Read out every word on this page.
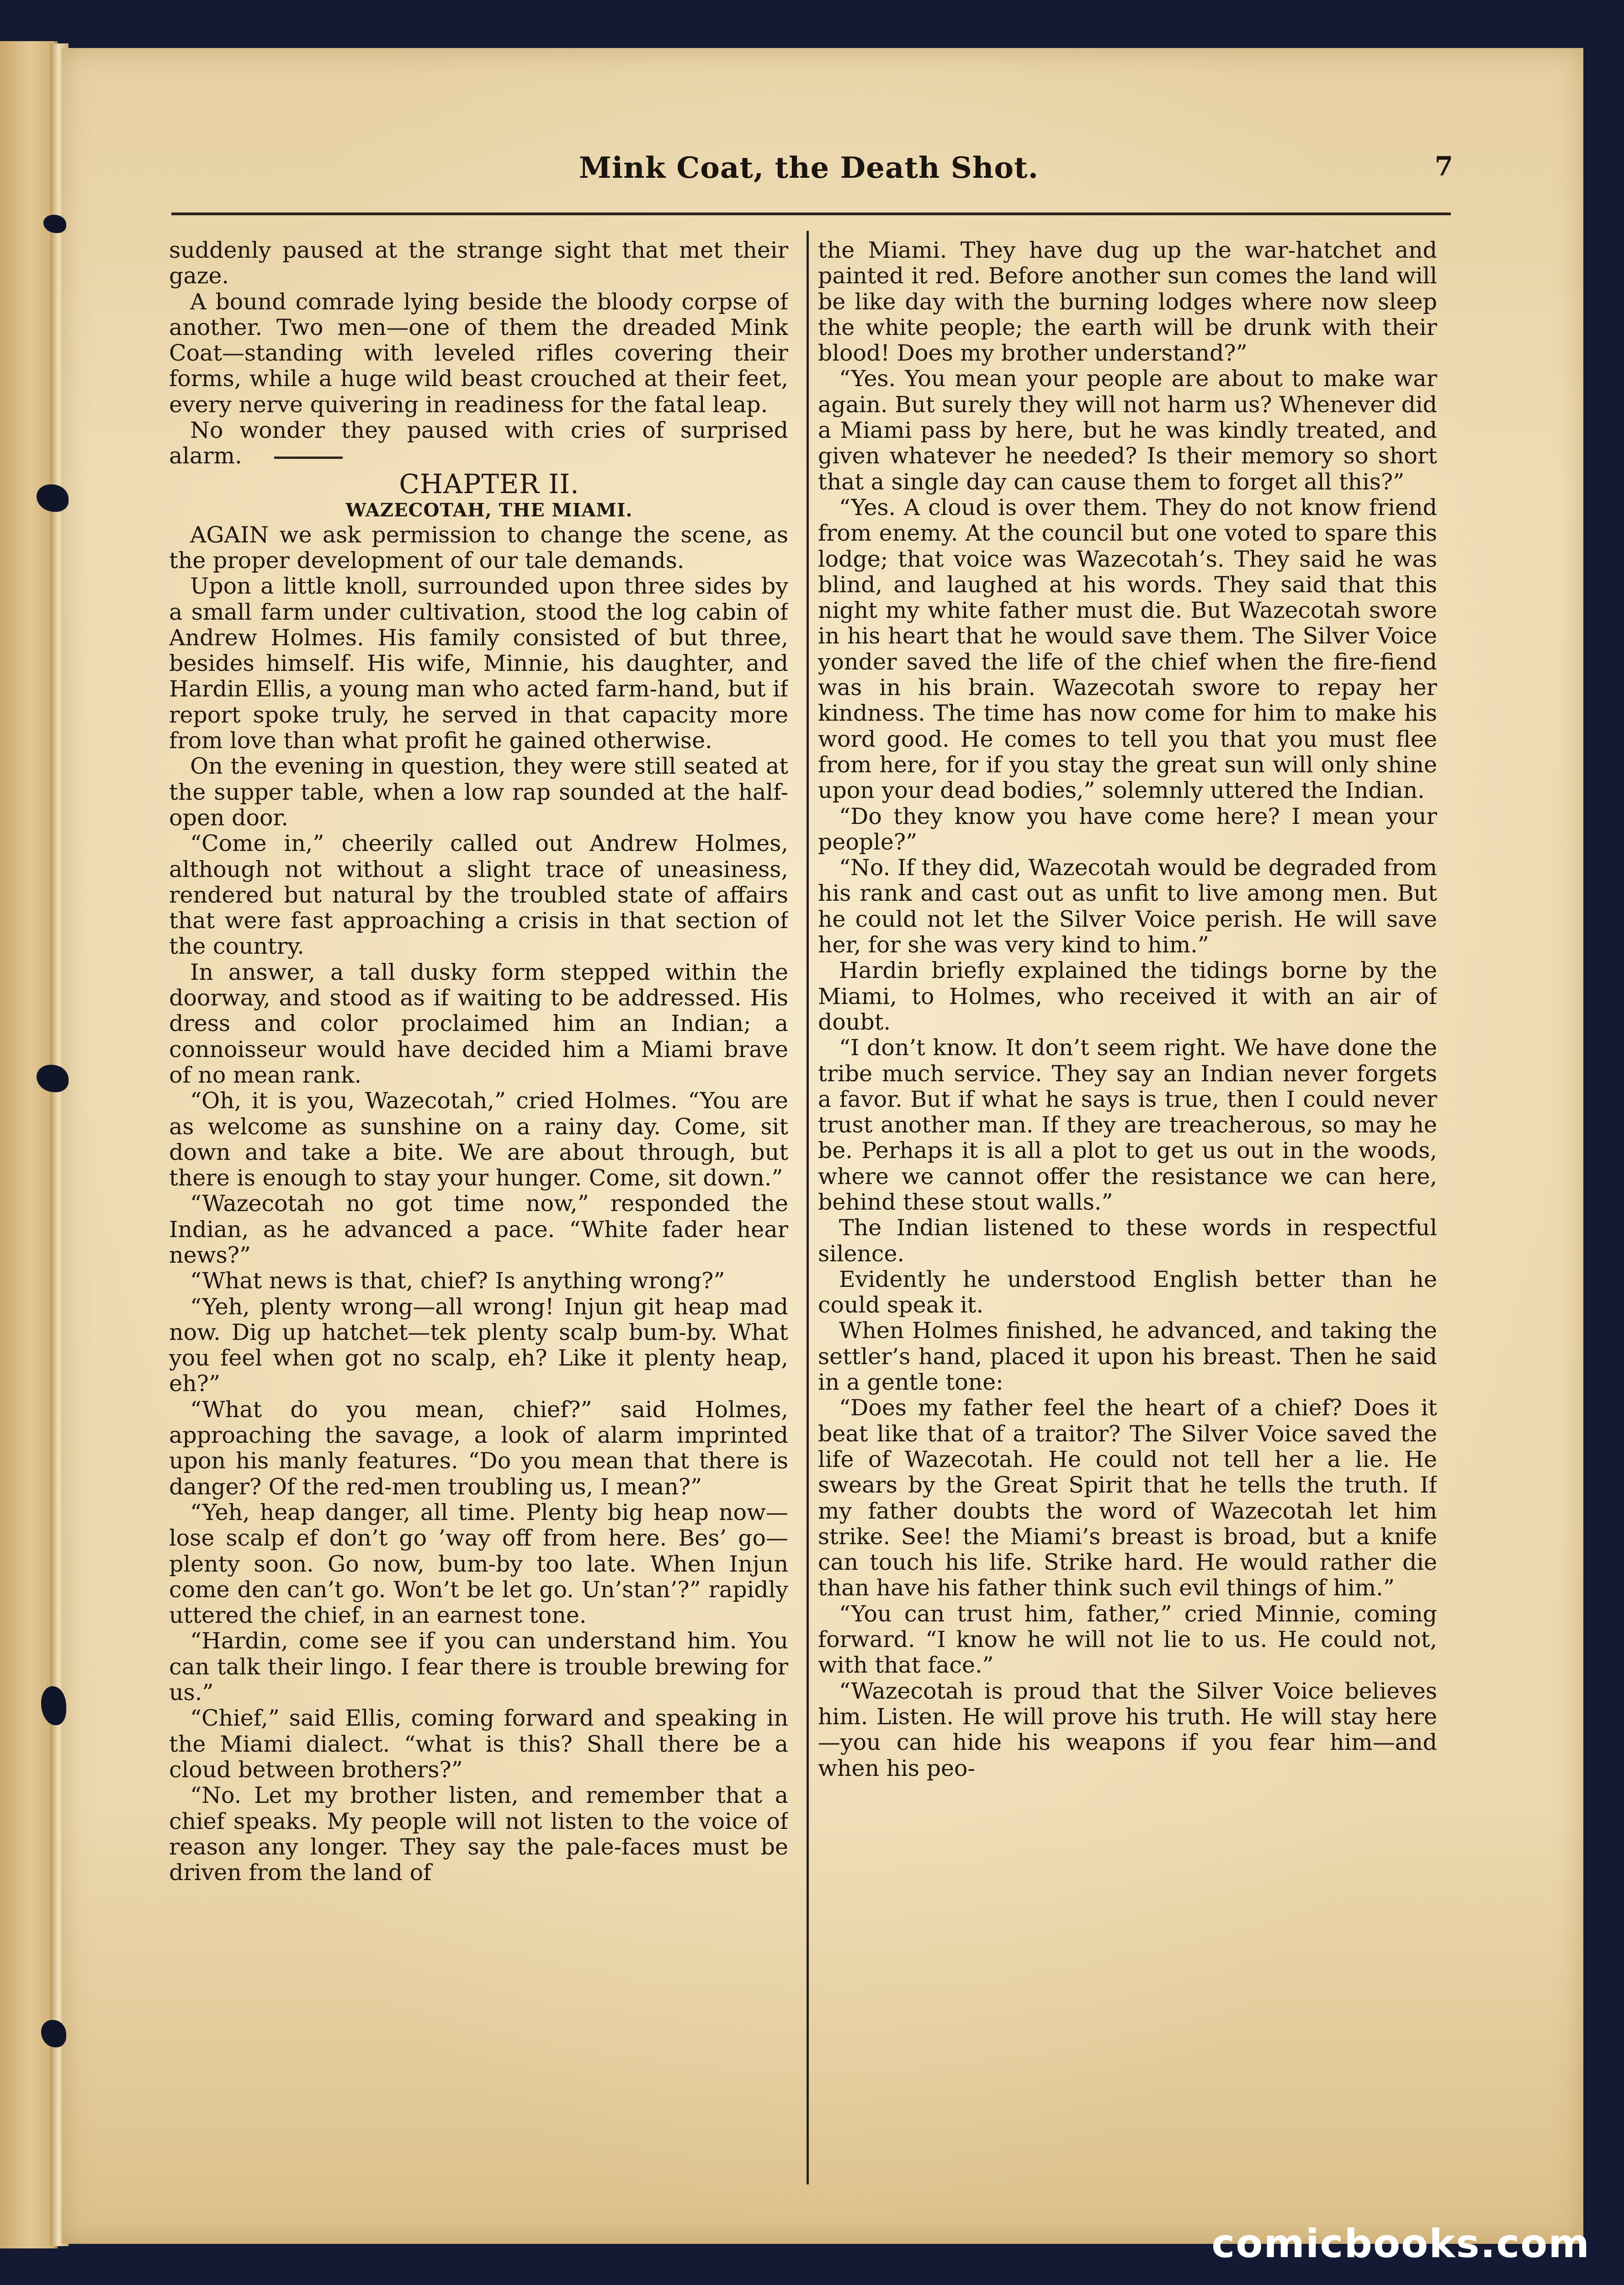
Mink Coat, the Death Shot.	7

suddenly paused at the strange sight that met their gaze.

A bound comrade lying beside the bloody corpse of another. Two men—one of them the dreaded Mink Coat—standing with leveled rifles covering their forms, while a huge wild beast crouched at their feet, every nerve quivering in readiness for the fatal leap.

No wonder they paused with cries of surprised alarm.

CHAPTER II.

WAZECOTAH, THE MIAMI.

AGAIN we ask permission to change the scene, as the proper development of our tale demands.

Upon a little knoll, surrounded upon three sides by a small farm under cultivation, stood the log cabin of Andrew Holmes. His family consisted of but three, besides himself. His wife, Minnie, his daughter, and Hardin Ellis, a young man who acted farm-hand, but if report spoke truly, he served in that capacity more from love than what profit he gained otherwise.

On the evening in question, they were still seated at the supper table, when a low rap sounded at the half-open door.

“Come in,” cheerily called out Andrew Holmes, although not without a slight trace of uneasiness, rendered but natural by the troubled state of affairs that were fast approaching a crisis in that section of the country.

In answer, a tall dusky form stepped within the doorway, and stood as if waiting to be addressed. His dress and color proclaimed him an Indian; a connoisseur would have decided him a Miami brave of no mean rank.

“Oh, it is you, Wazecotah,” cried Holmes. “You are as welcome as sunshine on a rainy day. Come, sit down and take a bite. We are about through, but there is enough to stay your hunger. Come, sit down.”

“Wazecotah no got time now,” responded the Indian, as he advanced a pace. “White fader hear news?”

“What news is that, chief? Is anything wrong?”

“Yeh, plenty wrong—all wrong! Injun git heap mad now. Dig up hatchet—tek plenty scalp bum-by. What you feel when got no scalp, eh? Like it plenty heap, eh?”

“What do you mean, chief?” said Holmes, approaching the savage, a look of alarm imprinted upon his manly features. “Do you mean that there is danger? Of the red-men troubling us, I mean?”

“Yeh, heap danger, all time. Plenty big heap now—lose scalp ef don’t go ’way off from here. Bes’ go—plenty soon. Go now, bum-by too late. When Injun come den can’t go. Won’t be let go. Un’stan’?” rapidly uttered the chief, in an earnest tone.

“Hardin, come see if you can understand him. You can talk their lingo. I fear there is trouble brewing for us.”

“Chief,” said Ellis, coming forward and speaking in the Miami dialect. “what is this? Shall there be a cloud between brothers?”

“No. Let my brother listen, and remember that a chief speaks. My people will not listen to the voice of reason any longer. They say the pale-faces must be driven from the land of

the Miami. They have dug up the war-hatchet and painted it red. Before another sun comes the land will be like day with the burning lodges where now sleep the white people; the earth will be drunk with their blood! Does my brother understand?”

“Yes. You mean your people are about to make war again. But surely they will not harm us? Whenever did a Miami pass by here, but he was kindly treated, and given whatever he needed? Is their memory so short that a single day can cause them to forget all this?”

“Yes. A cloud is over them. They do not know friend from enemy. At the council but one voted to spare this lodge; that voice was Wazecotah’s. They said he was blind, and laughed at his words. They said that this night my white father must die. But Wazecotah swore in his heart that he would save them. The Silver Voice yonder saved the life of the chief when the fire-fiend was in his brain. Wazecotah swore to repay her kindness. The time has now come for him to make his word good. He comes to tell you that you must flee from here, for if you stay the great sun will only shine upon your dead bodies,” solemnly uttered the Indian.

“Do they know you have come here? I mean your people?”

“No. If they did, Wazecotah would be degraded from his rank and cast out as unfit to live among men. But he could not let the Silver Voice perish. He will save her, for she was very kind to him.”

Hardin briefly explained the tidings borne by the Miami, to Holmes, who received it with an air of doubt.

“I don’t know. It don’t seem right. We have done the tribe much service. They say an Indian never forgets a favor. But if what he says is true, then I could never trust another man. If they are treacherous, so may he be. Perhaps it is all a plot to get us out in the woods, where we cannot offer the resistance we can here, behind these stout walls.”

The Indian listened to these words in respectful silence.

Evidently he understood English better than he could speak it.

When Holmes finished, he advanced, and taking the settler’s hand, placed it upon his breast. Then he said in a gentle tone:

“Does my father feel the heart of a chief? Does it beat like that of a traitor? The Silver Voice saved the life of Wazecotah. He could not tell her a lie. He swears by the Great Spirit that he tells the truth. If my father doubts the word of Wazecotah let him strike. See! the Miami’s breast is broad, but a knife can touch his life. Strike hard. He would rather die than have his father think such evil things of him.”

“You can trust him, father,” cried Minnie, coming forward. “I know he will not lie to us. He could not, with that face.”

“Wazecotah is proud that the Silver Voice believes him. Listen. He will prove his truth. He will stay here—you can hide his weapons if you fear him—and when his peo-

comicbooks.com
